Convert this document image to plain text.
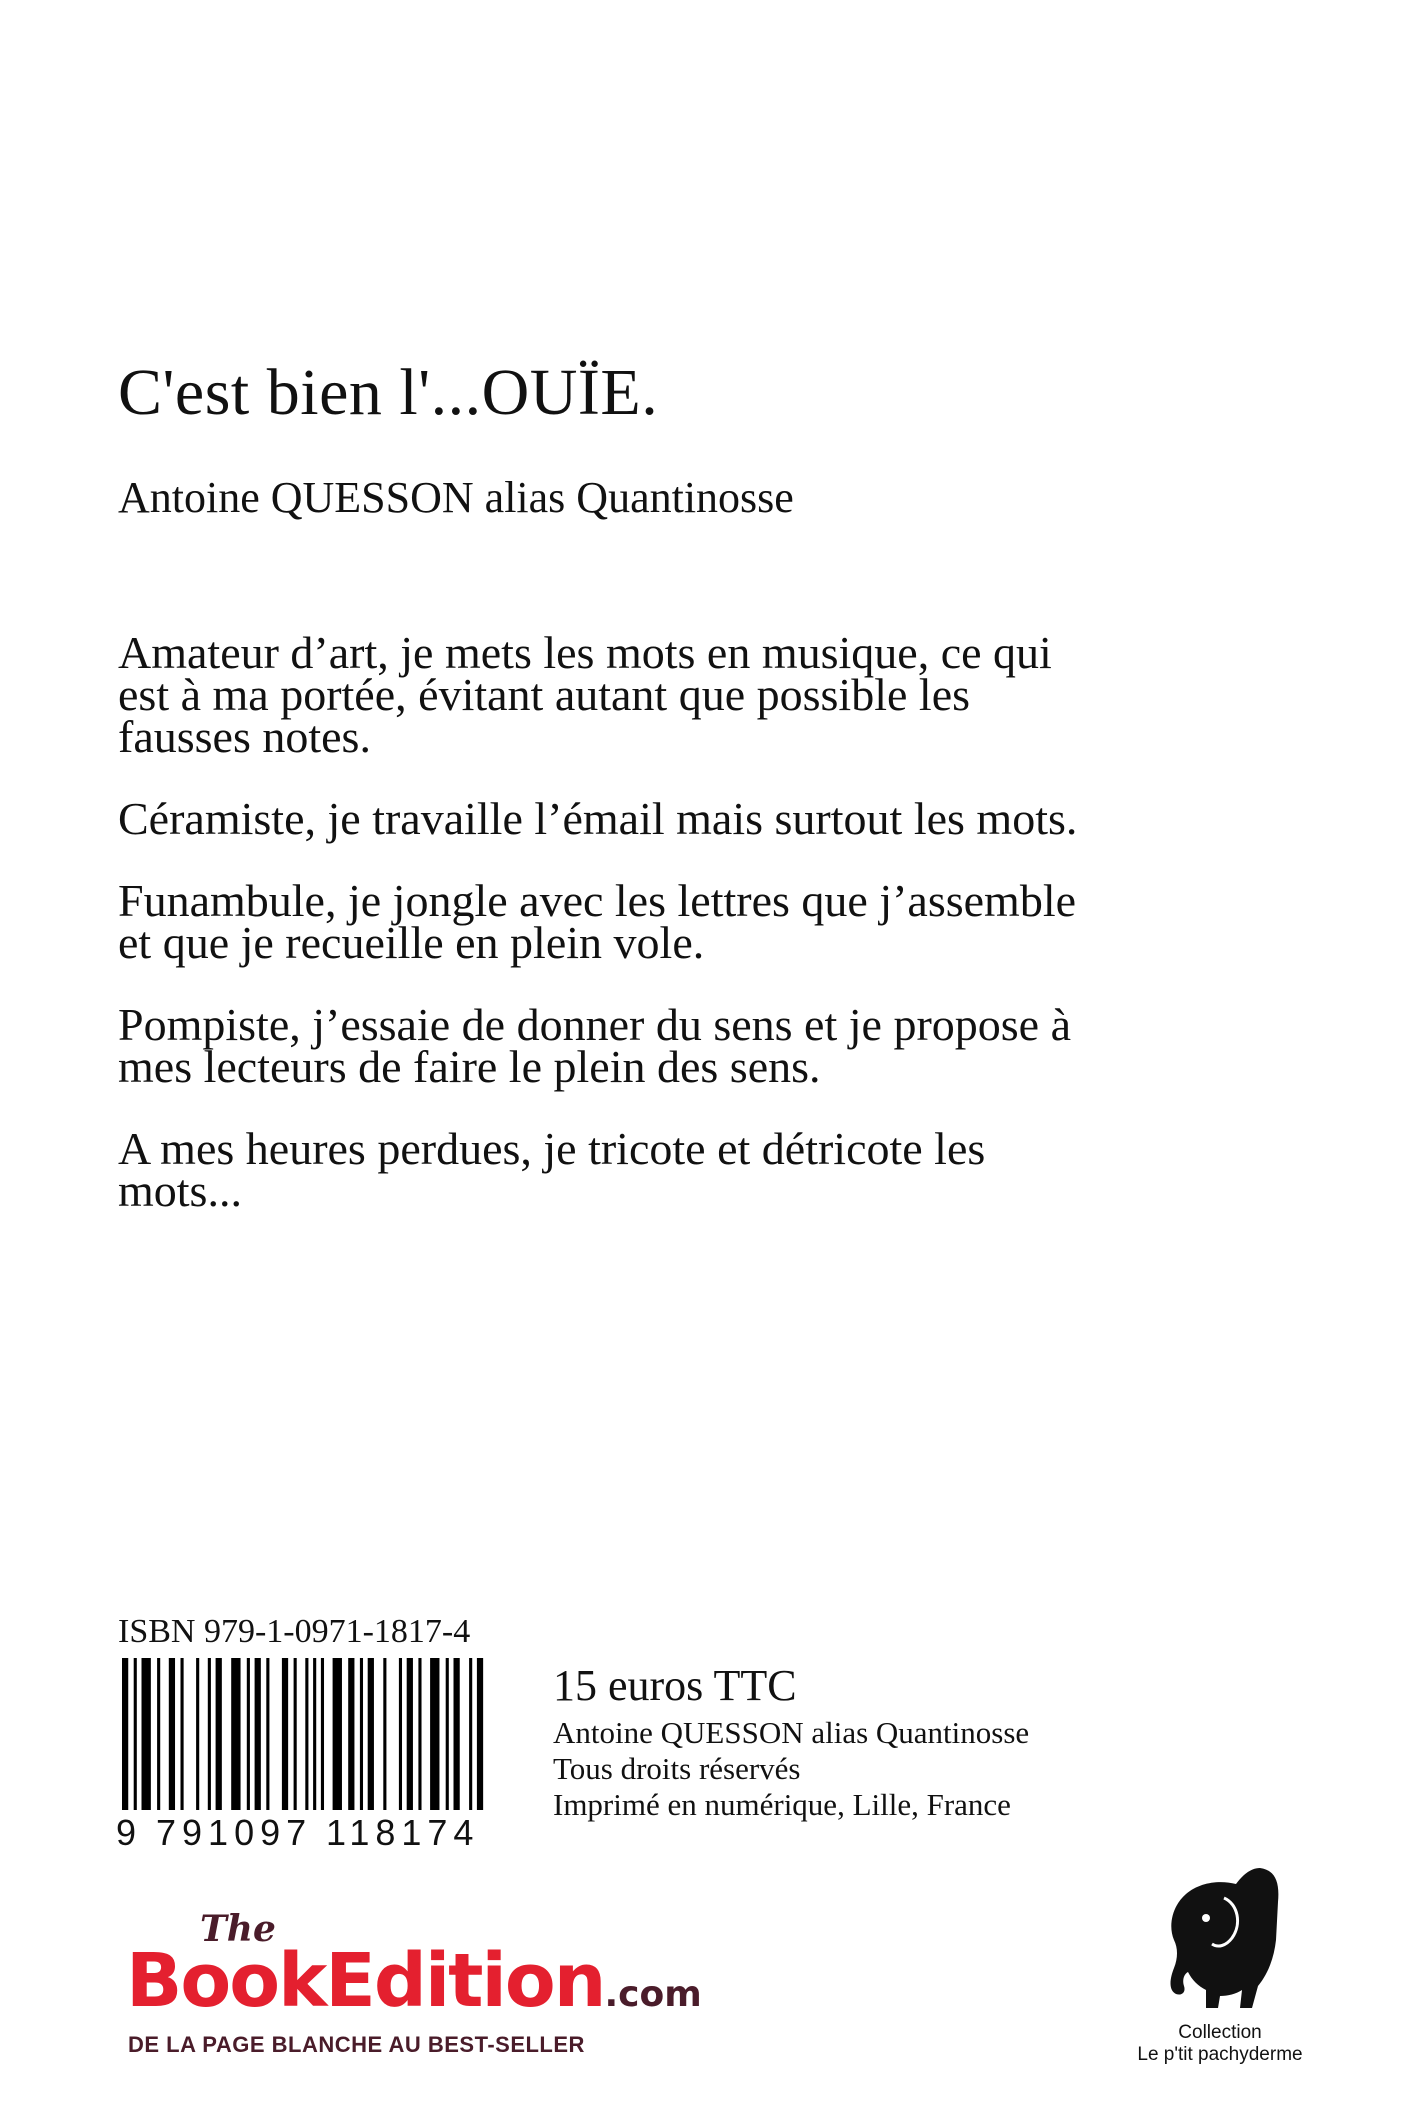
C'est bien l'...OUÏE.

Antoine QUESSON alias Quantinosse

Amateur d’art, je mets les mots en musique, ce qui est à ma portée, évitant autant que possible les fausses notes.

Céramiste, je travaille l’émail mais surtout les mots.

Funambule, je jongle avec les lettres que j’assemble et que je recueille en plein vole.

Pompiste, j’essaie de donner du sens et je propose à mes lecteurs de faire le plein des sens.

A mes heures perdues, je tricote et détricote les mots...

ISBN 979-1-0971-1817-4
9 791097 118174

15 euros TTC

Antoine QUESSON alias Quantinosse

Tous droits réservés

Imprimé en numérique, Lille, France

The
BookEdition.com
DE LA PAGE BLANCHE AU BEST-SELLER	Collection
Le p'tit pachyderme
